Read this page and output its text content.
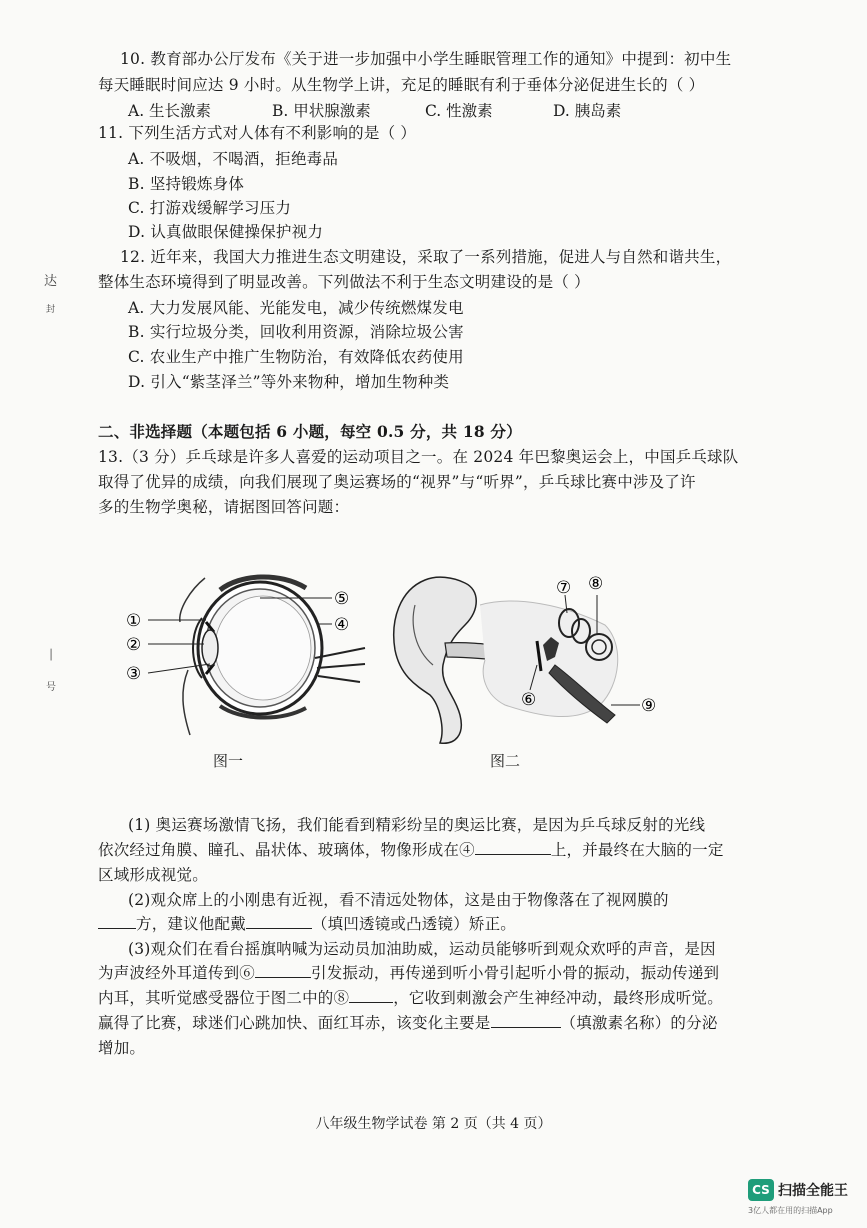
10. 教育部办公厅发布《关于进一步加强中小学生睡眠管理工作的通知》中提到：初中生
每天睡眠时间应达 9 小时。从生物学上讲，充足的睡眠有利于垂体分泌促进生长的（ ）
A. 生长激素	B. 甲状腺激素	C. 性激素	D. 胰岛素
11. 下列生活方式对人体有不利影响的是（ ）
A. 不吸烟，不喝酒，拒绝毒品
B. 坚持锻炼身体
C. 打游戏缓解学习压力
D. 认真做眼保健操保护视力
12. 近年来，我国大力推进生态文明建设，采取了一系列措施，促进人与自然和谐共生，
整体生态环境得到了明显改善。下列做法不利于生态文明建设的是（ ）
A. 大力发展风能、光能发电，减少传统燃煤发电
B. 实行垃圾分类，回收利用资源，消除垃圾公害
C. 农业生产中推广生物防治，有效降低农药使用
D. 引入“紫茎泽兰”等外来物种，增加生物种类
二、非选择题（本题包括 6 小题，每空 0.5 分，共 18 分）
13.（3 分）乒乓球是许多人喜爱的运动项目之一。在 2024 年巴黎奥运会上，中国乒乓球队
取得了优异的成绩，向我们展现了奥运赛场的“视界”与“听界”，乒乓球比赛中涉及了许
多的生物学奥秘，请据图回答问题：
①
②
③
④
⑤
⑥
⑦ ⑧
⑨
图一	图二
(1) 奥运赛场激情飞扬，我们能看到精彩纷呈的奥运比赛，是因为乒乓球反射的光线
依次经过角膜、瞳孔、晶状体、玻璃体，物像形成在④	上，并最终在大脑的一定
区域形成视觉。
(2)观众席上的小刚患有近视，看不清远处物体，这是由于物像落在了视网膜的
方，建议他配戴	（填凹透镜或凸透镜）矫正。
(3)观众们在看台摇旗呐喊为运动员加油助威，运动员能够听到观众欢呼的声音，是因
为声波经外耳道传到⑥	引发振动，再传递到听小骨引起听小骨的振动，振动传递到
内耳，其听觉感受器位于图二中的⑧	，它收到刺激会产生神经冲动，最终形成听觉。
赢得了比赛，球迷们心跳加快、面红耳赤，该变化主要是	（填激素名称）的分泌
增加。
达
封
│
号
八年级生物学试卷 第 2 页（共 4 页）
CS 扫描全能王
3亿人都在用的扫描App
